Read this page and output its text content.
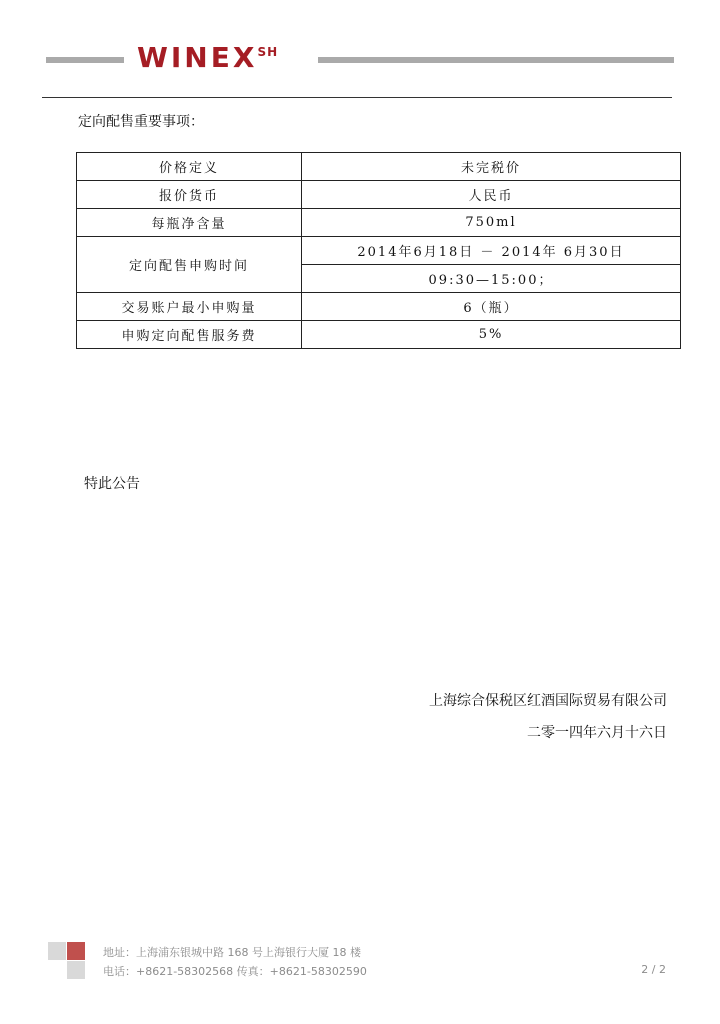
$WINEX^{SH}$
定向配售重要事项：
价格定义	未完税价
报价货币	人民币
每瓶净含量	750ml
定向配售申购时间	2014年6月18日 － 2014年 6月30日
	09:30—15:00；
交易账户最小申购量	6（瓶）
申购定向配售服务费	5%
特此公告
上海综合保税区红酒国际贸易有限公司
二零一四年六月十六日
地址：上海浦东银城中路 168 号上海银行大厦 18 楼
电话：+8621-58302568 传真：+8621-58302590	2 / 2
